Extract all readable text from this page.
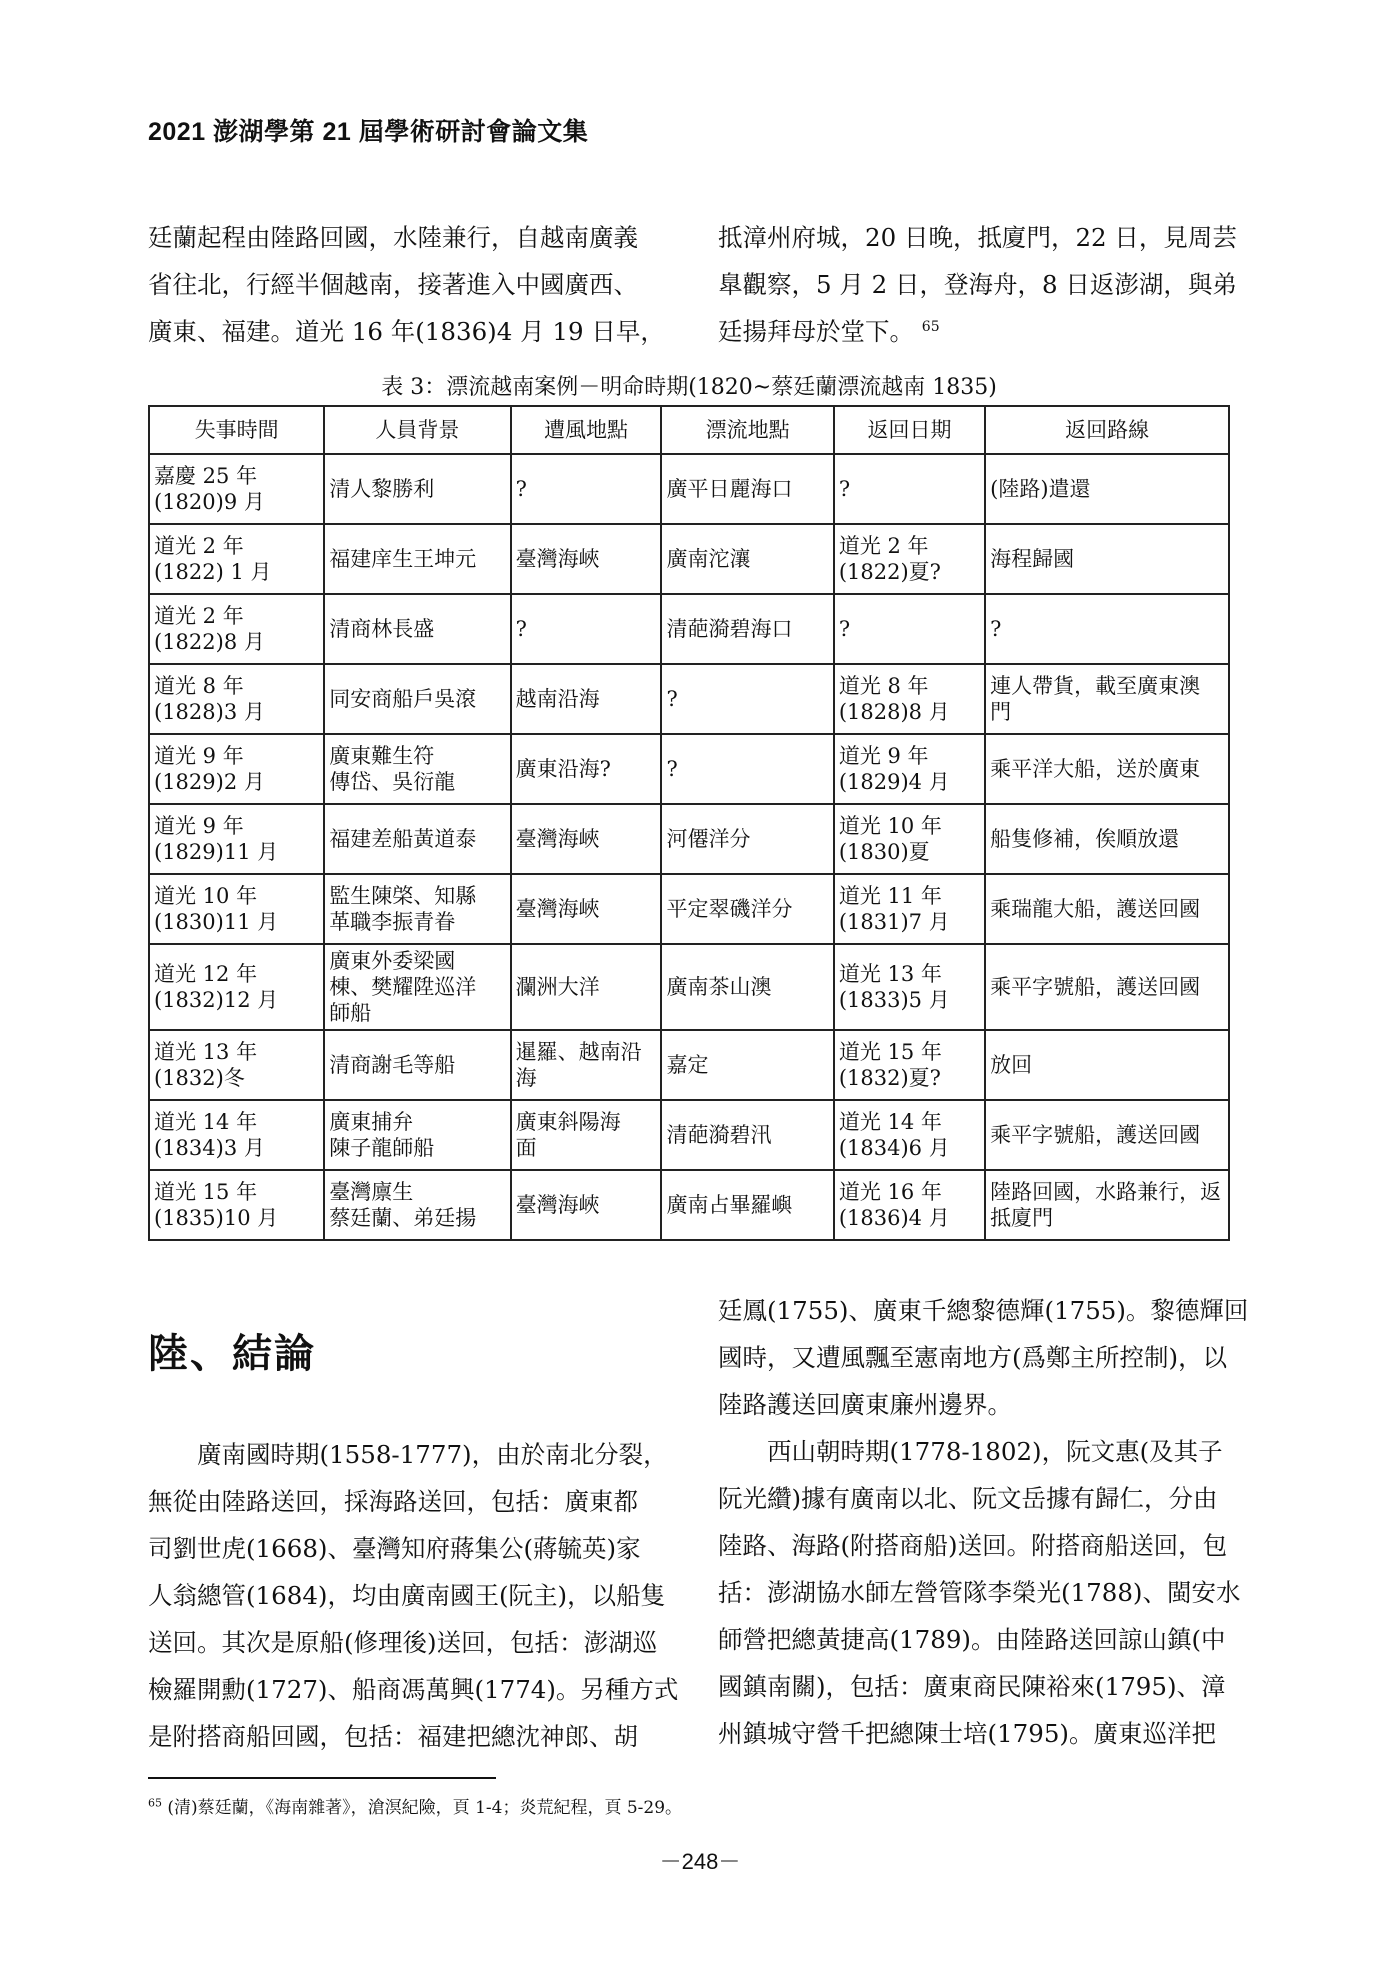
2021 澎湖學第 21 屆學術研討會論文集
廷蘭起程由陸路回國，水陸兼行，自越南廣義
省往北，行經半個越南，接著進入中國廣西、
廣東、福建。道光 16 年(1836)4 月 19 日早，
抵漳州府城，20 日晚，抵廈門，22 日，見周芸
臯觀察，5 月 2 日，登海舟，8 日返澎湖，與弟
廷揚拜母於堂下。 $^{65}$
表 3：漂流越南案例－明命時期(1820~蔡廷蘭漂流越南 1835)
失事時間	人員背景	遭風地點	漂流地點	返回日期	返回路線

嘉慶 25 年
(1820)9 月	清人黎勝利	?	廣平日麗海口	?	(陸路)遣還

道光 2 年
(1822) 1 月	福建庠生王坤元	臺灣海峽	廣南沱瀼	道光 2 年
(1822)夏?	海程歸國

道光 2 年
(1822)8 月	清商林長盛	?	清葩漪碧海口	?	?

道光 8 年
(1828)3 月	同安商船戶吳滾	越南沿海	?	道光 8 年
(1828)8 月	連人帶貨，載至廣東澳
門

道光 9 年
(1829)2 月	廣東難生符
傳岱、吳衍龍	廣東沿海?	?	道光 9 年
(1829)4 月	乘平洋大船，送於廣東

道光 9 年
(1829)11 月	福建差船黃道泰	臺灣海峽	河僊洋分	道光 10 年
(1830)夏	船隻修補，俟順放還

道光 10 年
(1830)11 月	監生陳棨、知縣
革職李振青眷	臺灣海峽	平定翠磯洋分	道光 11 年
(1831)7 月	乘瑞龍大船，護送回國

道光 12 年
(1832)12 月	廣東外委梁國
棟、樊耀陞巡洋
師船	瀾洲大洋	廣南茶山澳	道光 13 年
(1833)5 月	乘平字號船，護送回國

道光 13 年
(1832)冬	清商謝毛等船	暹羅、越南沿
海	嘉定	道光 15 年
(1832)夏?	放回

道光 14 年
(1834)3 月	廣東捕弁
陳子龍師船	廣東斜陽海
面	清葩漪碧汛	道光 14 年
(1834)6 月	乘平字號船，護送回國

道光 15 年
(1835)10 月	臺灣廪生
蔡廷蘭、弟廷揚	臺灣海峽	廣南占畢羅嶼	道光 16 年
(1836)4 月	陸路回國，水路兼行，返
抵廈門
陸、結論
廣南國時期(1558-1777)，由於南北分裂，
無從由陸路送回，採海路送回，包括：廣東都
司劉世虎(1668)、臺灣知府蔣集公(蔣毓英)家
人翁總管(1684)，均由廣南國王(阮主)，以船隻
送回。其次是原船(修理後)送回，包括：澎湖巡
檢羅開勳(1727)、船商馮萬興(1774)。另種方式
是附搭商船回國，包括：福建把總沈神郎、胡
廷鳳(1755)、廣東千總黎德輝(1755)。黎德輝回
國時，又遭風飄至憲南地方(爲鄭主所控制)，以
陸路護送回廣東廉州邊界。
西山朝時期(1778-1802)，阮文惠(及其子
阮光纘)據有廣南以北、阮文岳據有歸仁，分由
陸路、海路(附搭商船)送回。附搭商船送回，包
括：澎湖協水師左營管隊李榮光(1788)、閩安水
師營把總黃捷高(1789)。由陸路送回諒山鎮(中
國鎮南關)，包括：廣東商民陳裕來(1795)、漳
州鎮城守營千把總陳士培(1795)。廣東巡洋把
$^{65}$ (清)蔡廷蘭，《海南雜著》，滄溟紀險，頁 1-4；炎荒紀程，頁 5-29。
－248－
